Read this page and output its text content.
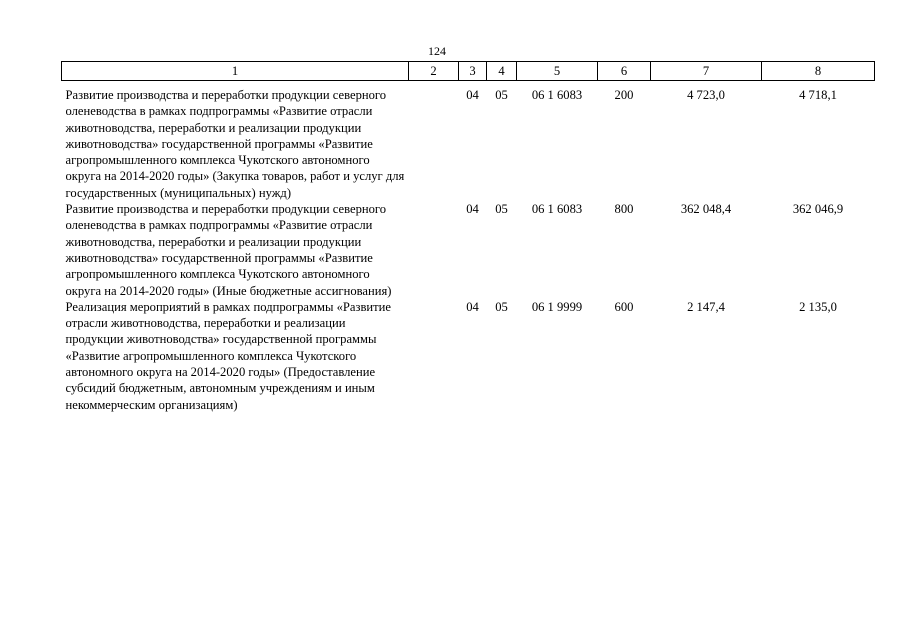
124
1	2	3	4	5	6	7	8
Развитие производства и переработки продукции северного оленеводства в рамках подпрограммы «Развитие отрасли животноводства, переработки и реализации продукции животноводства» государственной программы «Развитие агропромышленного комплекса Чукотского автономного округа на 2014-2020 годы» (Закупка товаров, работ и услуг для государственных (муниципальных) нужд)		04	05	06 1 6083	200	4 723,0	4 718,1
Развитие производства и переработки продукции северного оленеводства в рамках подпрограммы «Развитие отрасли животноводства, переработки и реализации продукции животноводства» государственной программы «Развитие агропромышленного комплекса Чукотского автономного округа на 2014-2020 годы» (Иные бюджетные ассигнования)		04	05	06 1 6083	800	362 048,4	362 046,9
Реализация мероприятий в рамках подпрограммы «Развитие отрасли животноводства, переработки и реализации продукции животноводства» государственной программы «Развитие агропромышленного комплекса Чукотского автономного округа на 2014-2020 годы» (Предоставление субсидий бюджетным, автономным учреждениям и иным некоммерческим организациям)		04	05	06 1 9999	600	2 147,4	2 135,0
